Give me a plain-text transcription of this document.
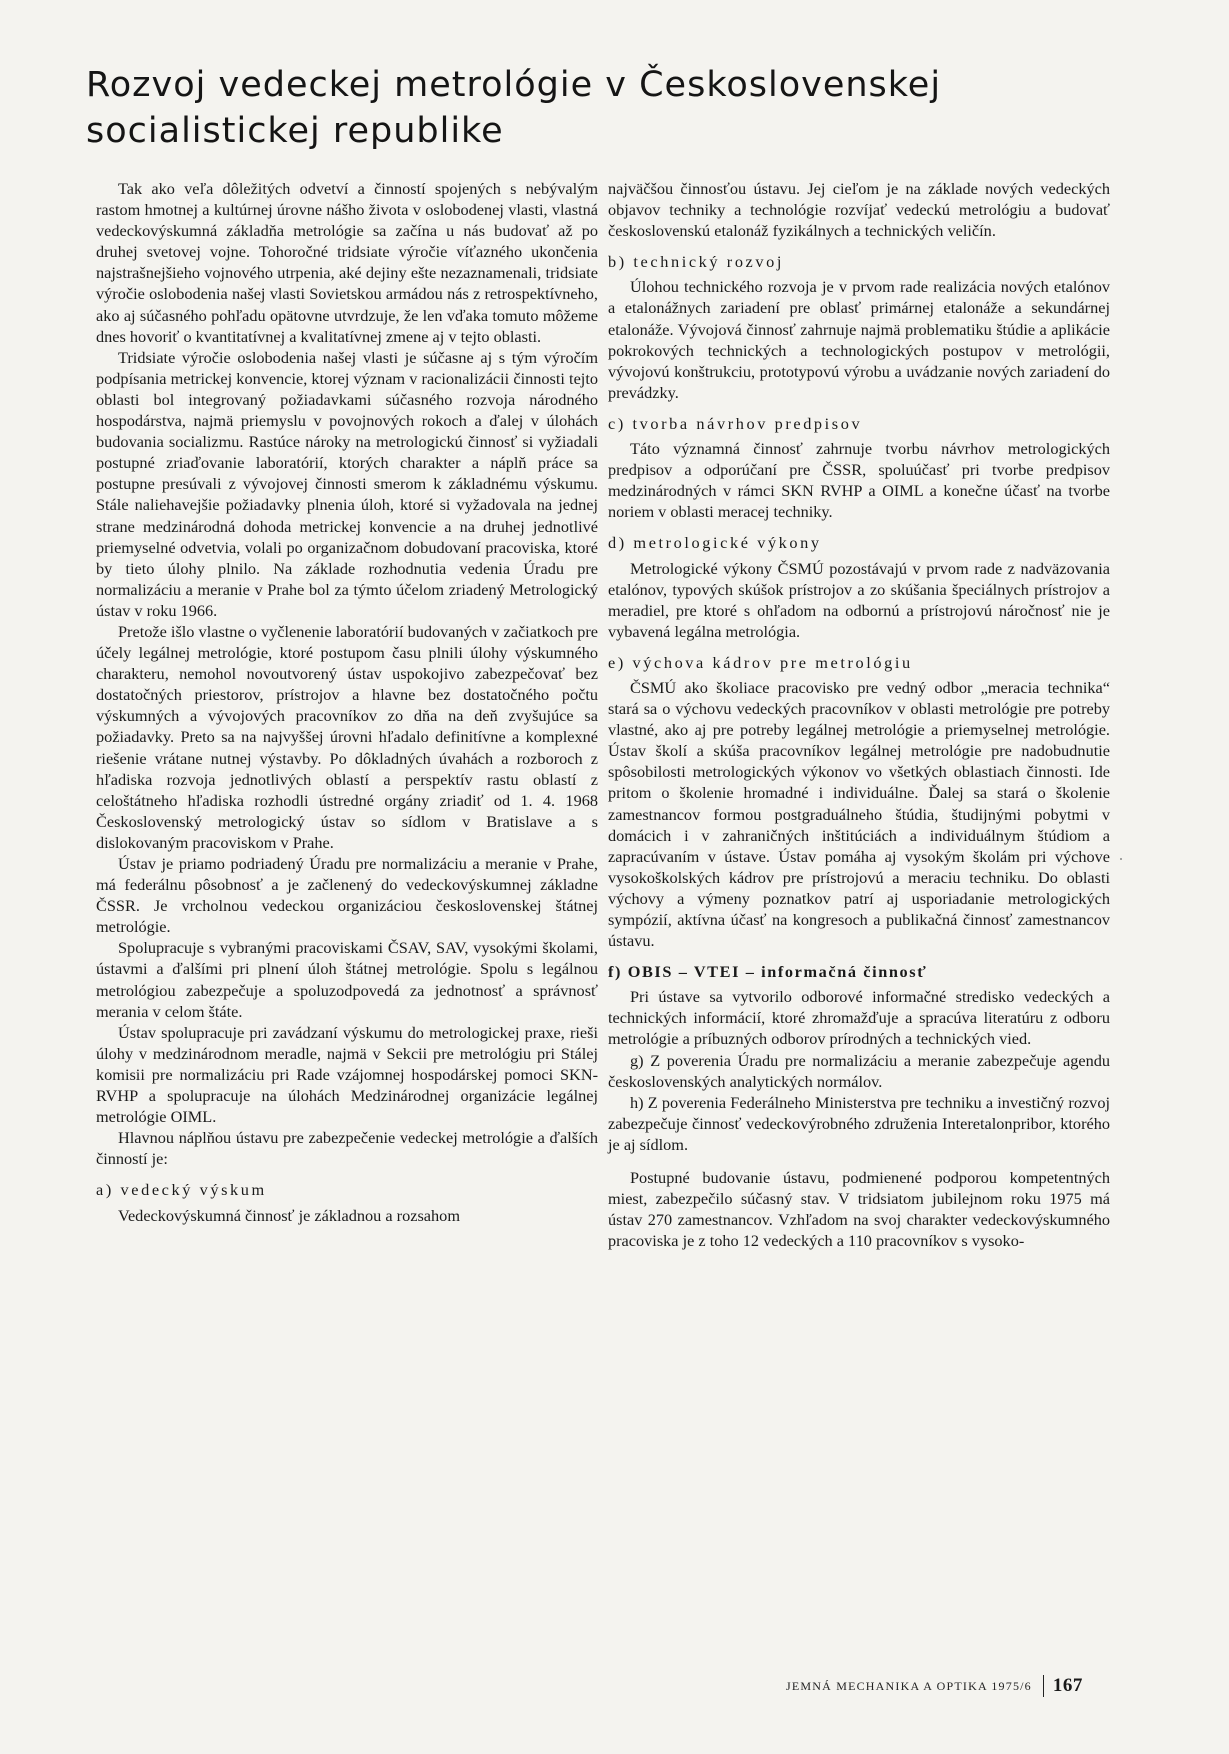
Rozvoj vedeckej metrológie v Československej socialistickej republike

Tak ako veľa dôležitých odvetví a činností spojených s nebývalým rastom hmotnej a kultúrnej úrovne nášho života v oslobodenej vlasti, vlastná vedeckovýskumná základňa metrológie sa začína u nás budovať až po druhej svetovej vojne. Tohoročné tridsiate výročie víťazného ukončenia najstrašnejšieho vojnového utrpenia, aké dejiny ešte nezaznamenali, tridsiate výročie oslobodenia našej vlasti Sovietskou armádou nás z retrospektívneho, ako aj súčasného pohľadu opätovne utvrdzuje, že len vďaka tomuto môžeme dnes hovoriť o kvantitatívnej a kvalitatívnej zmene aj v tejto oblasti.

Tridsiate výročie oslobodenia našej vlasti je súčasne aj s tým výročím podpísania metrickej konvencie, ktorej význam v racionalizácii činnosti tejto oblasti bol integrovaný požiadavkami súčasného rozvoja národného hospodárstva, najmä priemyslu v povojnových rokoch a ďalej v úlohách budovania socializmu. Rastúce nároky na metrologickú činnosť si vyžiadali postupné zriaďovanie laboratórií, ktorých charakter a náplň práce sa postupne presúvali z vývojovej činnosti smerom k základnému výskumu. Stále naliehavejšie požiadavky plnenia úloh, ktoré si vyžadovala na jednej strane medzinárodná dohoda metrickej konvencie a na druhej jednotlivé priemyselné odvetvia, volali po organizačnom dobudovaní pracoviska, ktoré by tieto úlohy plnilo. Na základe rozhodnutia vedenia Úradu pre normalizáciu a meranie v Prahe bol za týmto účelom zriadený Metrologický ústav v roku 1966.

Pretože išlo vlastne o vyčlenenie laboratórií budovaných v začiatkoch pre účely legálnej metrológie, ktoré postupom času plnili úlohy výskumného charakteru, nemohol novoutvorený ústav uspokojivo zabezpečovať bez dostatočných priestorov, prístrojov a hlavne bez dostatočného počtu výskumných a vývojových pracovníkov zo dňa na deň zvyšujúce sa požiadavky. Preto sa na najvyššej úrovni hľadalo definitívne a komplexné riešenie vrátane nutnej výstavby. Po dôkladných úvahách a rozboroch z hľadiska rozvoja jednotlivých oblastí a perspektív rastu oblastí z celoštátneho hľadiska rozhodli ústredné orgány zriadiť od 1. 4. 1968 Československý metrologický ústav so sídlom v Bratislave a s dislokovaným pracoviskom v Prahe.

Ústav je priamo podriadený Úradu pre normalizáciu a meranie v Prahe, má federálnu pôsobnosť a je začlenený do vedeckovýskumnej základne ČSSR. Je vrcholnou vedeckou organizáciou československej štátnej metrológie.

Spolupracuje s vybranými pracoviskami ČSAV, SAV, vysokými školami, ústavmi a ďalšími pri plnení úloh štátnej metrológie. Spolu s legálnou metrológiou zabezpečuje a spoluzodpovedá za jednotnosť a správnosť merania v celom štáte.

Ústav spolupracuje pri zavádzaní výskumu do metrologickej praxe, rieši úlohy v medzinárodnom meradle, najmä v Sekcii pre metrológiu pri Stálej komisii pre normalizáciu pri Rade vzájomnej hospodárskej pomoci SKN-RVHP a spolupracuje na úlohách Medzinárodnej organizácie legálnej metrológie OIML.

Hlavnou náplňou ústavu pre zabezpečenie vedeckej metrológie a ďalších činností je:

a) vedecký výskum

Vedeckovýskumná činnosť je základnou a rozsahom

najväčšou činnosťou ústavu. Jej cieľom je na základe nových vedeckých objavov techniky a technológie rozvíjať vedeckú metrológiu a budovať československú etalonáž fyzikálnych a technických veličín.

b) technický rozvoj

Úlohou technického rozvoja je v prvom rade realizácia nových etalónov a etalonážnych zariadení pre oblasť primárnej etalonáže a sekundárnej etalonáže. Vývojová činnosť zahrnuje najmä problematiku štúdie a aplikácie pokrokových technických a technologických postupov v metrológii, vývojovú konštrukciu, prototypovú výrobu a uvádzanie nových zariadení do prevádzky.

c) tvorba návrhov predpisov

Táto významná činnosť zahrnuje tvorbu návrhov metrologických predpisov a odporúčaní pre ČSSR, spoluúčasť pri tvorbe predpisov medzinárodných v rámci SKN RVHP a OIML a konečne účasť na tvorbe noriem v oblasti meracej techniky.

d) metrologické výkony

Metrologické výkony ČSMÚ pozostávajú v prvom rade z nadväzovania etalónov, typových skúšok prístrojov a zo skúšania špeciálnych prístrojov a meradiel, pre ktoré s ohľadom na odbornú a prístrojovú náročnosť nie je vybavená legálna metrológia.

e) výchova kádrov pre metrológiu

ČSMÚ ako školiace pracovisko pre vedný odbor „meracia technika“ stará sa o výchovu vedeckých pracovníkov v oblasti metrológie pre potreby vlastné, ako aj pre potreby legálnej metrológie a priemyselnej metrológie. Ústav školí a skúša pracovníkov legálnej metrológie pre nadobudnutie spôsobilosti metrologických výkonov vo všetkých oblastiach činnosti. Ide pritom o školenie hromadné i individuálne. Ďalej sa stará o školenie zamestnancov formou postgraduálneho štúdia, študijnými pobytmi v domácich i v zahraničných inštitúciách a individuálnym štúdiom a zapracúvaním v ústave. Ústav pomáha aj vysokým školám pri výchove vysokoškolských kádrov pre prístrojovú a meraciu techniku. Do oblasti výchovy a výmeny poznatkov patrí aj usporiadanie metrologických sympózií, aktívna účasť na kongresoch a publikačná činnosť zamestnancov ústavu.

f) OBIS – VTEI – informačná činnosť

Pri ústave sa vytvorilo odborové informačné stredisko vedeckých a technických informácií, ktoré zhromažďuje a spracúva literatúru z odboru metrológie a príbuzných odborov prírodných a technických vied.

g) Z poverenia Úradu pre normalizáciu a meranie zabezpečuje agendu československých analytických normálov.

h) Z poverenia Federálneho Ministerstva pre techniku a investičný rozvoj zabezpečuje činnosť vedeckovýrobného združenia Interetalonpribor, ktorého je aj sídlom.

Postupné budovanie ústavu, podmienené podporou kompetentných miest, zabezpečilo súčasný stav. V tridsiatom jubilejnom roku 1975 má ústav 270 zamestnancov. Vzhľadom na svoj charakter vedeckovýskumného pracoviska je z toho 12 vedeckých a 110 pracovníkov s vysoko-

JEMNÁ MECHANIKA A OPTIKA 1975/6 167
